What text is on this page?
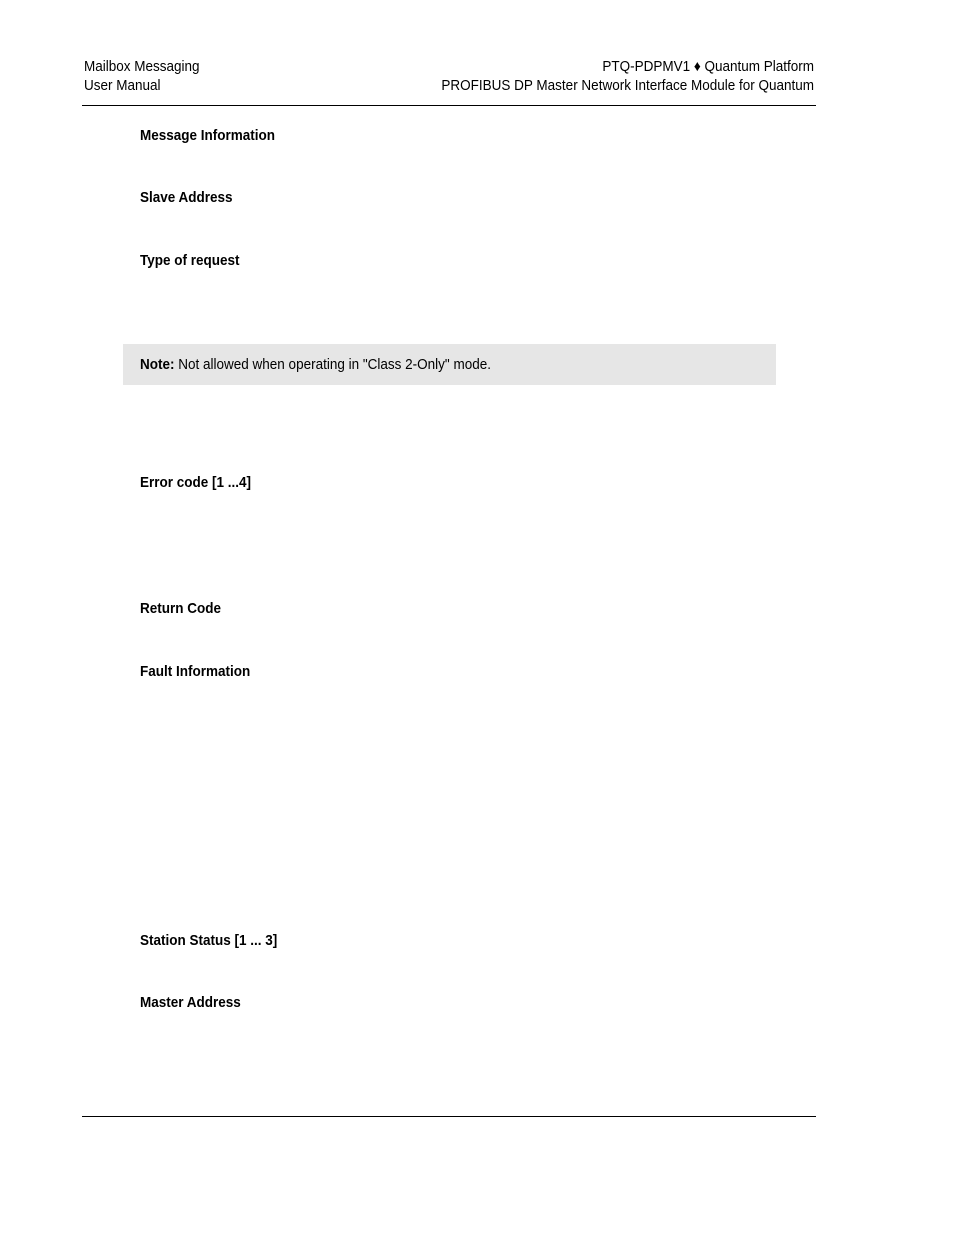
Mailbox Messaging
User Manual
PTQ-PDPMV1 ♦ Quantum Platform
PROFIBUS DP Master Network Interface Module for Quantum
Message Information
Slave Address
Type of request
Note: Not allowed when operating in "Class 2-Only" mode.
Error code [1 ...4]
Return Code
Fault Information
Station Status [1 ... 3]
Master Address
